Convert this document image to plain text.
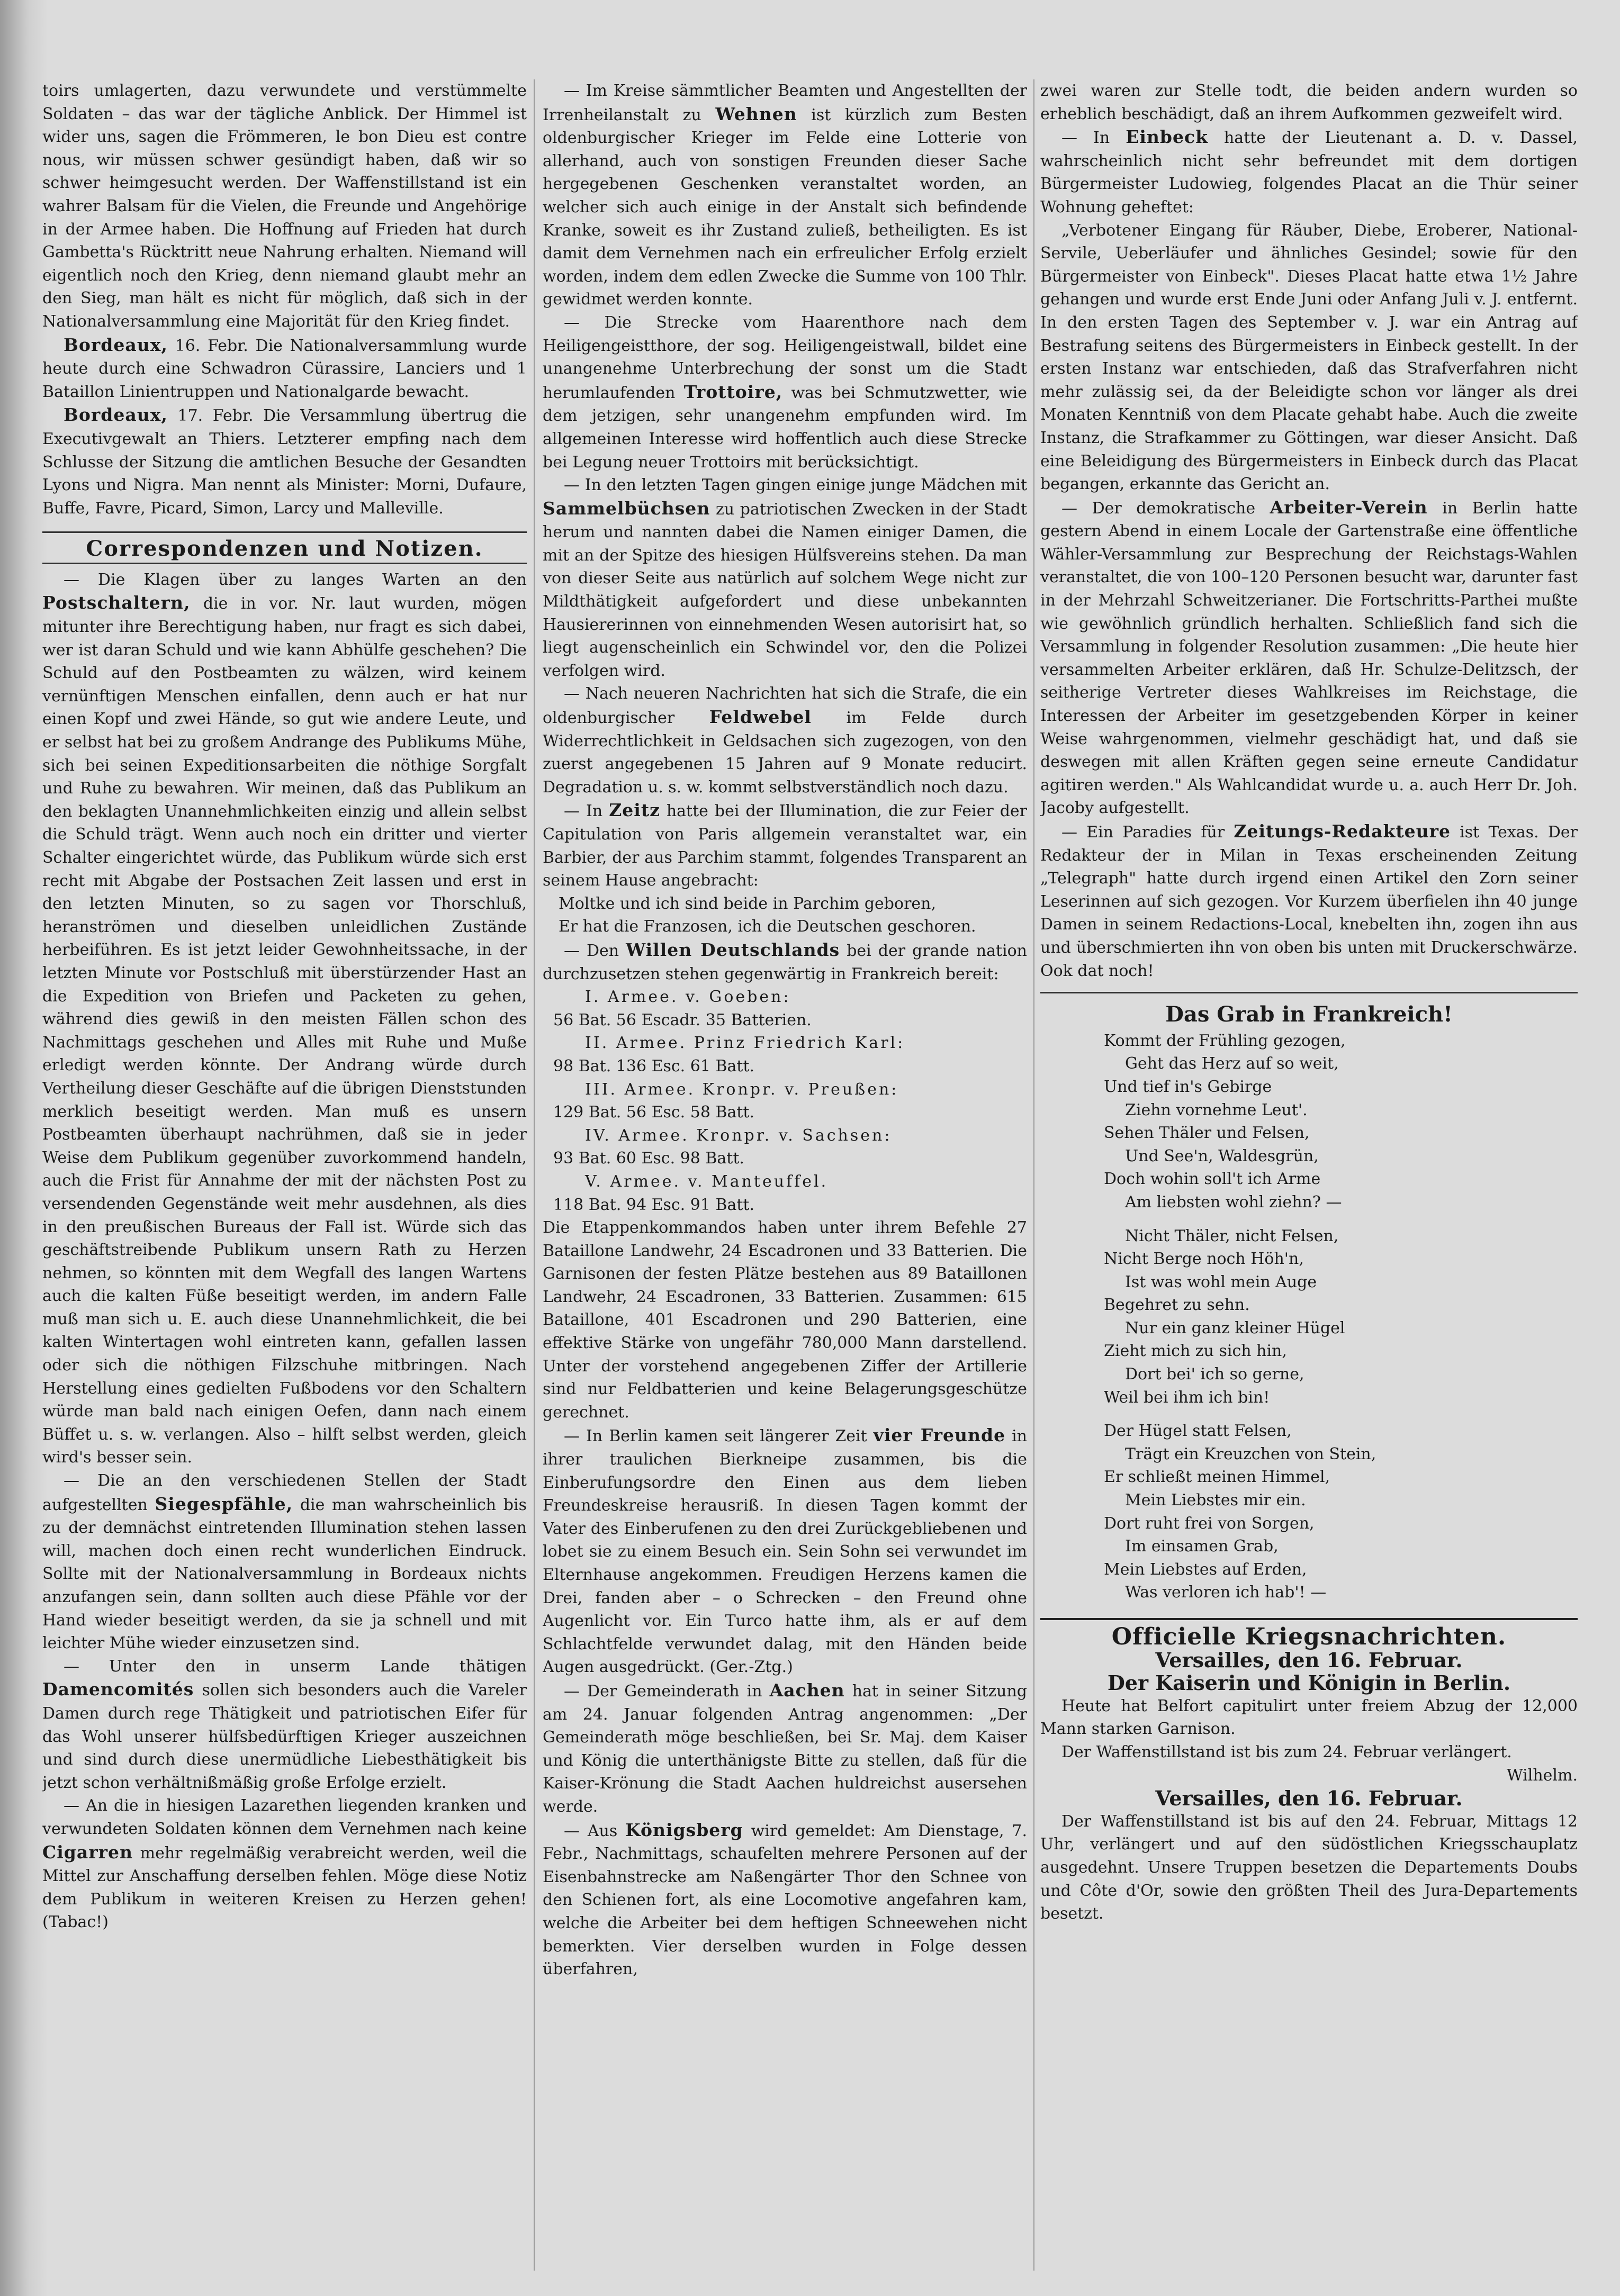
toirs umlagerten, dazu verwundete und verstümmelte Soldaten – das war der tägliche Anblick. Der Himmel ist wider uns, sagen die Frömmeren, le bon Dieu est contre nous, wir müssen schwer gesündigt haben, daß wir so schwer heimgesucht werden. Der Waffenstillstand ist ein wahrer Balsam für die Vielen, die Freunde und Angehörige in der Armee haben. Die Hoffnung auf Frieden hat durch Gambetta's Rücktritt neue Nahrung erhalten. Niemand will eigentlich noch den Krieg, denn niemand glaubt mehr an den Sieg, man hält es nicht für möglich, daß sich in der Nationalversammlung eine Majorität für den Krieg findet.

Bordeaux, 16. Febr. Die Nationalversammlung wurde heute durch eine Schwadron Cürassire, Lanciers und 1 Bataillon Linientruppen und Nationalgarde bewacht.

Bordeaux, 17. Febr. Die Versammlung übertrug die Executivgewalt an Thiers. Letzterer empfing nach dem Schlusse der Sitzung die amtlichen Besuche der Gesandten Lyons und Nigra. Man nennt als Minister: Morni, Dufaure, Buffe, Favre, Picard, Simon, Larcy und Malleville.

Correspondenzen und Notizen.

— Die Klagen über zu langes Warten an den Postschaltern, die in vor. Nr. laut wurden, mögen mitunter ihre Berechtigung haben, nur fragt es sich dabei, wer ist daran Schuld und wie kann Abhülfe geschehen? Die Schuld auf den Postbeamten zu wälzen, wird keinem vernünftigen Menschen einfallen, denn auch er hat nur einen Kopf und zwei Hände, so gut wie andere Leute, und er selbst hat bei zu großem Andrange des Publikums Mühe, sich bei seinen Expeditionsarbeiten die nöthige Sorgfalt und Ruhe zu bewahren. Wir meinen, daß das Publikum an den beklagten Unannehmlichkeiten einzig und allein selbst die Schuld trägt. Wenn auch noch ein dritter und vierter Schalter eingerichtet würde, das Publikum würde sich erst recht mit Abgabe der Postsachen Zeit lassen und erst in den letzten Minuten, so zu sagen vor Thorschluß, heranströmen und dieselben unleidlichen Zustände herbeiführen. Es ist jetzt leider Gewohnheitssache, in der letzten Minute vor Postschluß mit überstürzender Hast an die Expedition von Briefen und Packeten zu gehen, während dies gewiß in den meisten Fällen schon des Nachmittags geschehen und Alles mit Ruhe und Muße erledigt werden könnte. Der Andrang würde durch Vertheilung dieser Geschäfte auf die übrigen Dienststunden merklich beseitigt werden. Man muß es unsern Postbeamten überhaupt nachrühmen, daß sie in jeder Weise dem Publikum gegenüber zuvorkommend handeln, auch die Frist für Annahme der mit der nächsten Post zu versendenden Gegenstände weit mehr ausdehnen, als dies in den preußischen Bureaus der Fall ist. Würde sich das geschäftstreibende Publikum unsern Rath zu Herzen nehmen, so könnten mit dem Wegfall des langen Wartens auch die kalten Füße beseitigt werden, im andern Falle muß man sich u. E. auch diese Unannehmlichkeit, die bei kalten Wintertagen wohl eintreten kann, gefallen lassen oder sich die nöthigen Filzschuhe mitbringen. Nach Herstellung eines gedielten Fußbodens vor den Schaltern würde man bald nach einigen Oefen, dann nach einem Büffet u. s. w. verlangen. Also – hilft selbst werden, gleich wird's besser sein.

— Die an den verschiedenen Stellen der Stadt aufgestellten Siegespfähle, die man wahrscheinlich bis zu der demnächst eintretenden Illumination stehen lassen will, machen doch einen recht wunderlichen Eindruck. Sollte mit der Nationalversammlung in Bordeaux nichts anzufangen sein, dann sollten auch diese Pfähle vor der Hand wieder beseitigt werden, da sie ja schnell und mit leichter Mühe wieder einzusetzen sind.

— Unter den in unserm Lande thätigen Damencomités sollen sich besonders auch die Vareler Damen durch rege Thätigkeit und patriotischen Eifer für das Wohl unserer hülfsbedürftigen Krieger auszeichnen und sind durch diese unermüdliche Liebesthätigkeit bis jetzt schon verhältnißmäßig große Erfolge erzielt.

— An die in hiesigen Lazarethen liegenden kranken und verwundeten Soldaten können dem Vernehmen nach keine Cigarren mehr regelmäßig verabreicht werden, weil die Mittel zur Anschaffung derselben fehlen. Möge diese Notiz dem Publikum in weiteren Kreisen zu Herzen gehen! (Tabac!)

— Im Kreise sämmtlicher Beamten und Angestellten der Irrenheilanstalt zu Wehnen ist kürzlich zum Besten oldenburgischer Krieger im Felde eine Lotterie von allerhand, auch von sonstigen Freunden dieser Sache hergegebenen Geschenken veranstaltet worden, an welcher sich auch einige in der Anstalt sich befindende Kranke, soweit es ihr Zustand zuließ, betheiligten. Es ist damit dem Vernehmen nach ein erfreulicher Erfolg erzielt worden, indem dem edlen Zwecke die Summe von 100 Thlr. gewidmet werden konnte.

— Die Strecke vom Haarenthore nach dem Heiligengeistthore, der sog. Heiligengeistwall, bildet eine unangenehme Unterbrechung der sonst um die Stadt herumlaufenden Trottoire, was bei Schmutzwetter, wie dem jetzigen, sehr unangenehm empfunden wird. Im allgemeinen Interesse wird hoffentlich auch diese Strecke bei Legung neuer Trottoirs mit berücksichtigt.

— In den letzten Tagen gingen einige junge Mädchen mit Sammelbüchsen zu patriotischen Zwecken in der Stadt herum und nannten dabei die Namen einiger Damen, die mit an der Spitze des hiesigen Hülfsvereins stehen. Da man von dieser Seite aus natürlich auf solchem Wege nicht zur Mildthätigkeit aufgefordert und diese unbekannten Hausiererinnen von einnehmenden Wesen autorisirt hat, so liegt augenscheinlich ein Schwindel vor, den die Polizei verfolgen wird.

— Nach neueren Nachrichten hat sich die Strafe, die ein oldenburgischer Feldwebel im Felde durch Widerrechtlichkeit in Geldsachen sich zugezogen, von den zuerst angegebenen 15 Jahren auf 9 Monate reducirt. Degradation u. s. w. kommt selbstverständlich noch dazu.

— In Zeitz hatte bei der Illumination, die zur Feier der Capitulation von Paris allgemein veranstaltet war, ein Barbier, der aus Parchim stammt, folgendes Transparent an seinem Hause angebracht:

Moltke und ich sind beide in Parchim geboren,

Er hat die Franzosen, ich die Deutschen geschoren.

— Den Willen Deutschlands bei der grande nation durchzusetzen stehen gegenwärtig in Frankreich bereit:

I. Armee. v. Goeben:
56 Bat. 56 Escadr. 35 Batterien.
II. Armee. Prinz Friedrich Karl:
98 Bat. 136 Esc. 61 Batt.
III. Armee. Kronpr. v. Preußen:
129 Bat. 56 Esc. 58 Batt.
IV. Armee. Kronpr. v. Sachsen:
93 Bat. 60 Esc. 98 Batt.
V. Armee. v. Manteuffel.
118 Bat. 94 Esc. 91 Batt.

Die Etappenkommandos haben unter ihrem Befehle 27 Bataillone Landwehr, 24 Escadronen und 33 Batterien. Die Garnisonen der festen Plätze bestehen aus 89 Bataillonen Landwehr, 24 Escadronen, 33 Batterien. Zusammen: 615 Bataillone, 401 Escadronen und 290 Batterien, eine effektive Stärke von ungefähr 780,000 Mann darstellend. Unter der vorstehend angegebenen Ziffer der Artillerie sind nur Feldbatterien und keine Belagerungsgeschütze gerechnet.

— In Berlin kamen seit längerer Zeit vier Freunde in ihrer traulichen Bierkneipe zusammen, bis die Einberufungsordre den Einen aus dem lieben Freundeskreise herausriß. In diesen Tagen kommt der Vater des Einberufenen zu den drei Zurückgebliebenen und lobet sie zu einem Besuch ein. Sein Sohn sei verwundet im Elternhause angekommen. Freudigen Herzens kamen die Drei, fanden aber – o Schrecken – den Freund ohne Augenlicht vor. Ein Turco hatte ihm, als er auf dem Schlachtfelde verwundet dalag, mit den Händen beide Augen ausgedrückt. (Ger.-Ztg.)

— Der Gemeinderath in Aachen hat in seiner Sitzung am 24. Januar folgenden Antrag angenommen: „Der Gemeinderath möge beschließen, bei Sr. Maj. dem Kaiser und König die unterthänigste Bitte zu stellen, daß für die Kaiser-Krönung die Stadt Aachen huldreichst ausersehen werde.

— Aus Königsberg wird gemeldet: Am Dienstage, 7. Febr., Nachmittags, schaufelten mehrere Personen auf der Eisenbahnstrecke am Naßengärter Thor den Schnee von den Schienen fort, als eine Locomotive angefahren kam, welche die Arbeiter bei dem heftigen Schneewehen nicht bemerkten. Vier derselben wurden in Folge dessen überfahren,

zwei waren zur Stelle todt, die beiden andern wurden so erheblich beschädigt, daß an ihrem Aufkommen gezweifelt wird.

— In Einbeck hatte der Lieutenant a. D. v. Dassel, wahrscheinlich nicht sehr befreundet mit dem dortigen Bürgermeister Ludowieg, folgendes Placat an die Thür seiner Wohnung geheftet:

„Verbotener Eingang für Räuber, Diebe, Eroberer, National-Servile, Ueberläufer und ähnliches Gesindel; sowie für den Bürgermeister von Einbeck". Dieses Placat hatte etwa 1½ Jahre gehangen und wurde erst Ende Juni oder Anfang Juli v. J. entfernt. In den ersten Tagen des September v. J. war ein Antrag auf Bestrafung seitens des Bürgermeisters in Einbeck gestellt. In der ersten Instanz war entschieden, daß das Strafverfahren nicht mehr zulässig sei, da der Beleidigte schon vor länger als drei Monaten Kenntniß von dem Placate gehabt habe. Auch die zweite Instanz, die Strafkammer zu Göttingen, war dieser Ansicht. Daß eine Beleidigung des Bürgermeisters in Einbeck durch das Placat begangen, erkannte das Gericht an.

— Der demokratische Arbeiter-Verein in Berlin hatte gestern Abend in einem Locale der Gartenstraße eine öffentliche Wähler-Versammlung zur Besprechung der Reichstags-Wahlen veranstaltet, die von 100–120 Personen besucht war, darunter fast in der Mehrzahl Schweitzerianer. Die Fortschritts-Parthei mußte wie gewöhnlich gründlich herhalten. Schließlich fand sich die Versammlung in folgender Resolution zusammen: „Die heute hier versammelten Arbeiter erklären, daß Hr. Schulze-Delitzsch, der seitherige Vertreter dieses Wahlkreises im Reichstage, die Interessen der Arbeiter im gesetzgebenden Körper in keiner Weise wahrgenommen, vielmehr geschädigt hat, und daß sie deswegen mit allen Kräften gegen seine erneute Candidatur agitiren werden." Als Wahlcandidat wurde u. a. auch Herr Dr. Joh. Jacoby aufgestellt.

— Ein Paradies für Zeitungs-Redakteure ist Texas. Der Redakteur der in Milan in Texas erscheinenden Zeitung „Telegraph" hatte durch irgend einen Artikel den Zorn seiner Leserinnen auf sich gezogen. Vor Kurzem überfielen ihn 40 junge Damen in seinem Redactions-Local, knebelten ihn, zogen ihn aus und überschmierten ihn von oben bis unten mit Druckerschwärze. Ook dat noch!

Das Grab in Frankreich!
Kommt der Frühling gezogen,
Geht das Herz auf so weit,
Und tief in's Gebirge
Ziehn vornehme Leut'.
Sehen Thäler und Felsen,
Und See'n, Waldesgrün,
Doch wohin soll't ich Arme
Am liebsten wohl ziehn? —
Nicht Thäler, nicht Felsen,
Nicht Berge noch Höh'n,
Ist was wohl mein Auge
Begehret zu sehn.
Nur ein ganz kleiner Hügel
Zieht mich zu sich hin,
Dort bei' ich so gerne,
Weil bei ihm ich bin!
Der Hügel statt Felsen,
Trägt ein Kreuzchen von Stein,
Er schließt meinen Himmel,
Mein Liebstes mir ein.
Dort ruht frei von Sorgen,
Im einsamen Grab,
Mein Liebstes auf Erden,
Was verloren ich hab'! —
Officielle Kriegsnachrichten.
Versailles, den 16. Februar.
Der Kaiserin und Königin in Berlin.

Heute hat Belfort capitulirt unter freiem Abzug der 12,000 Mann starken Garnison.

Der Waffenstillstand ist bis zum 24. Februar verlängert.

Wilhelm.

Versailles, den 16. Februar.

Der Waffenstillstand ist bis auf den 24. Februar, Mittags 12 Uhr, verlängert und auf den südöstlichen Kriegsschauplatz ausgedehnt. Unsere Truppen besetzen die Departements Doubs und Côte d'Or, sowie den größten Theil des Jura-Departements besetzt.
